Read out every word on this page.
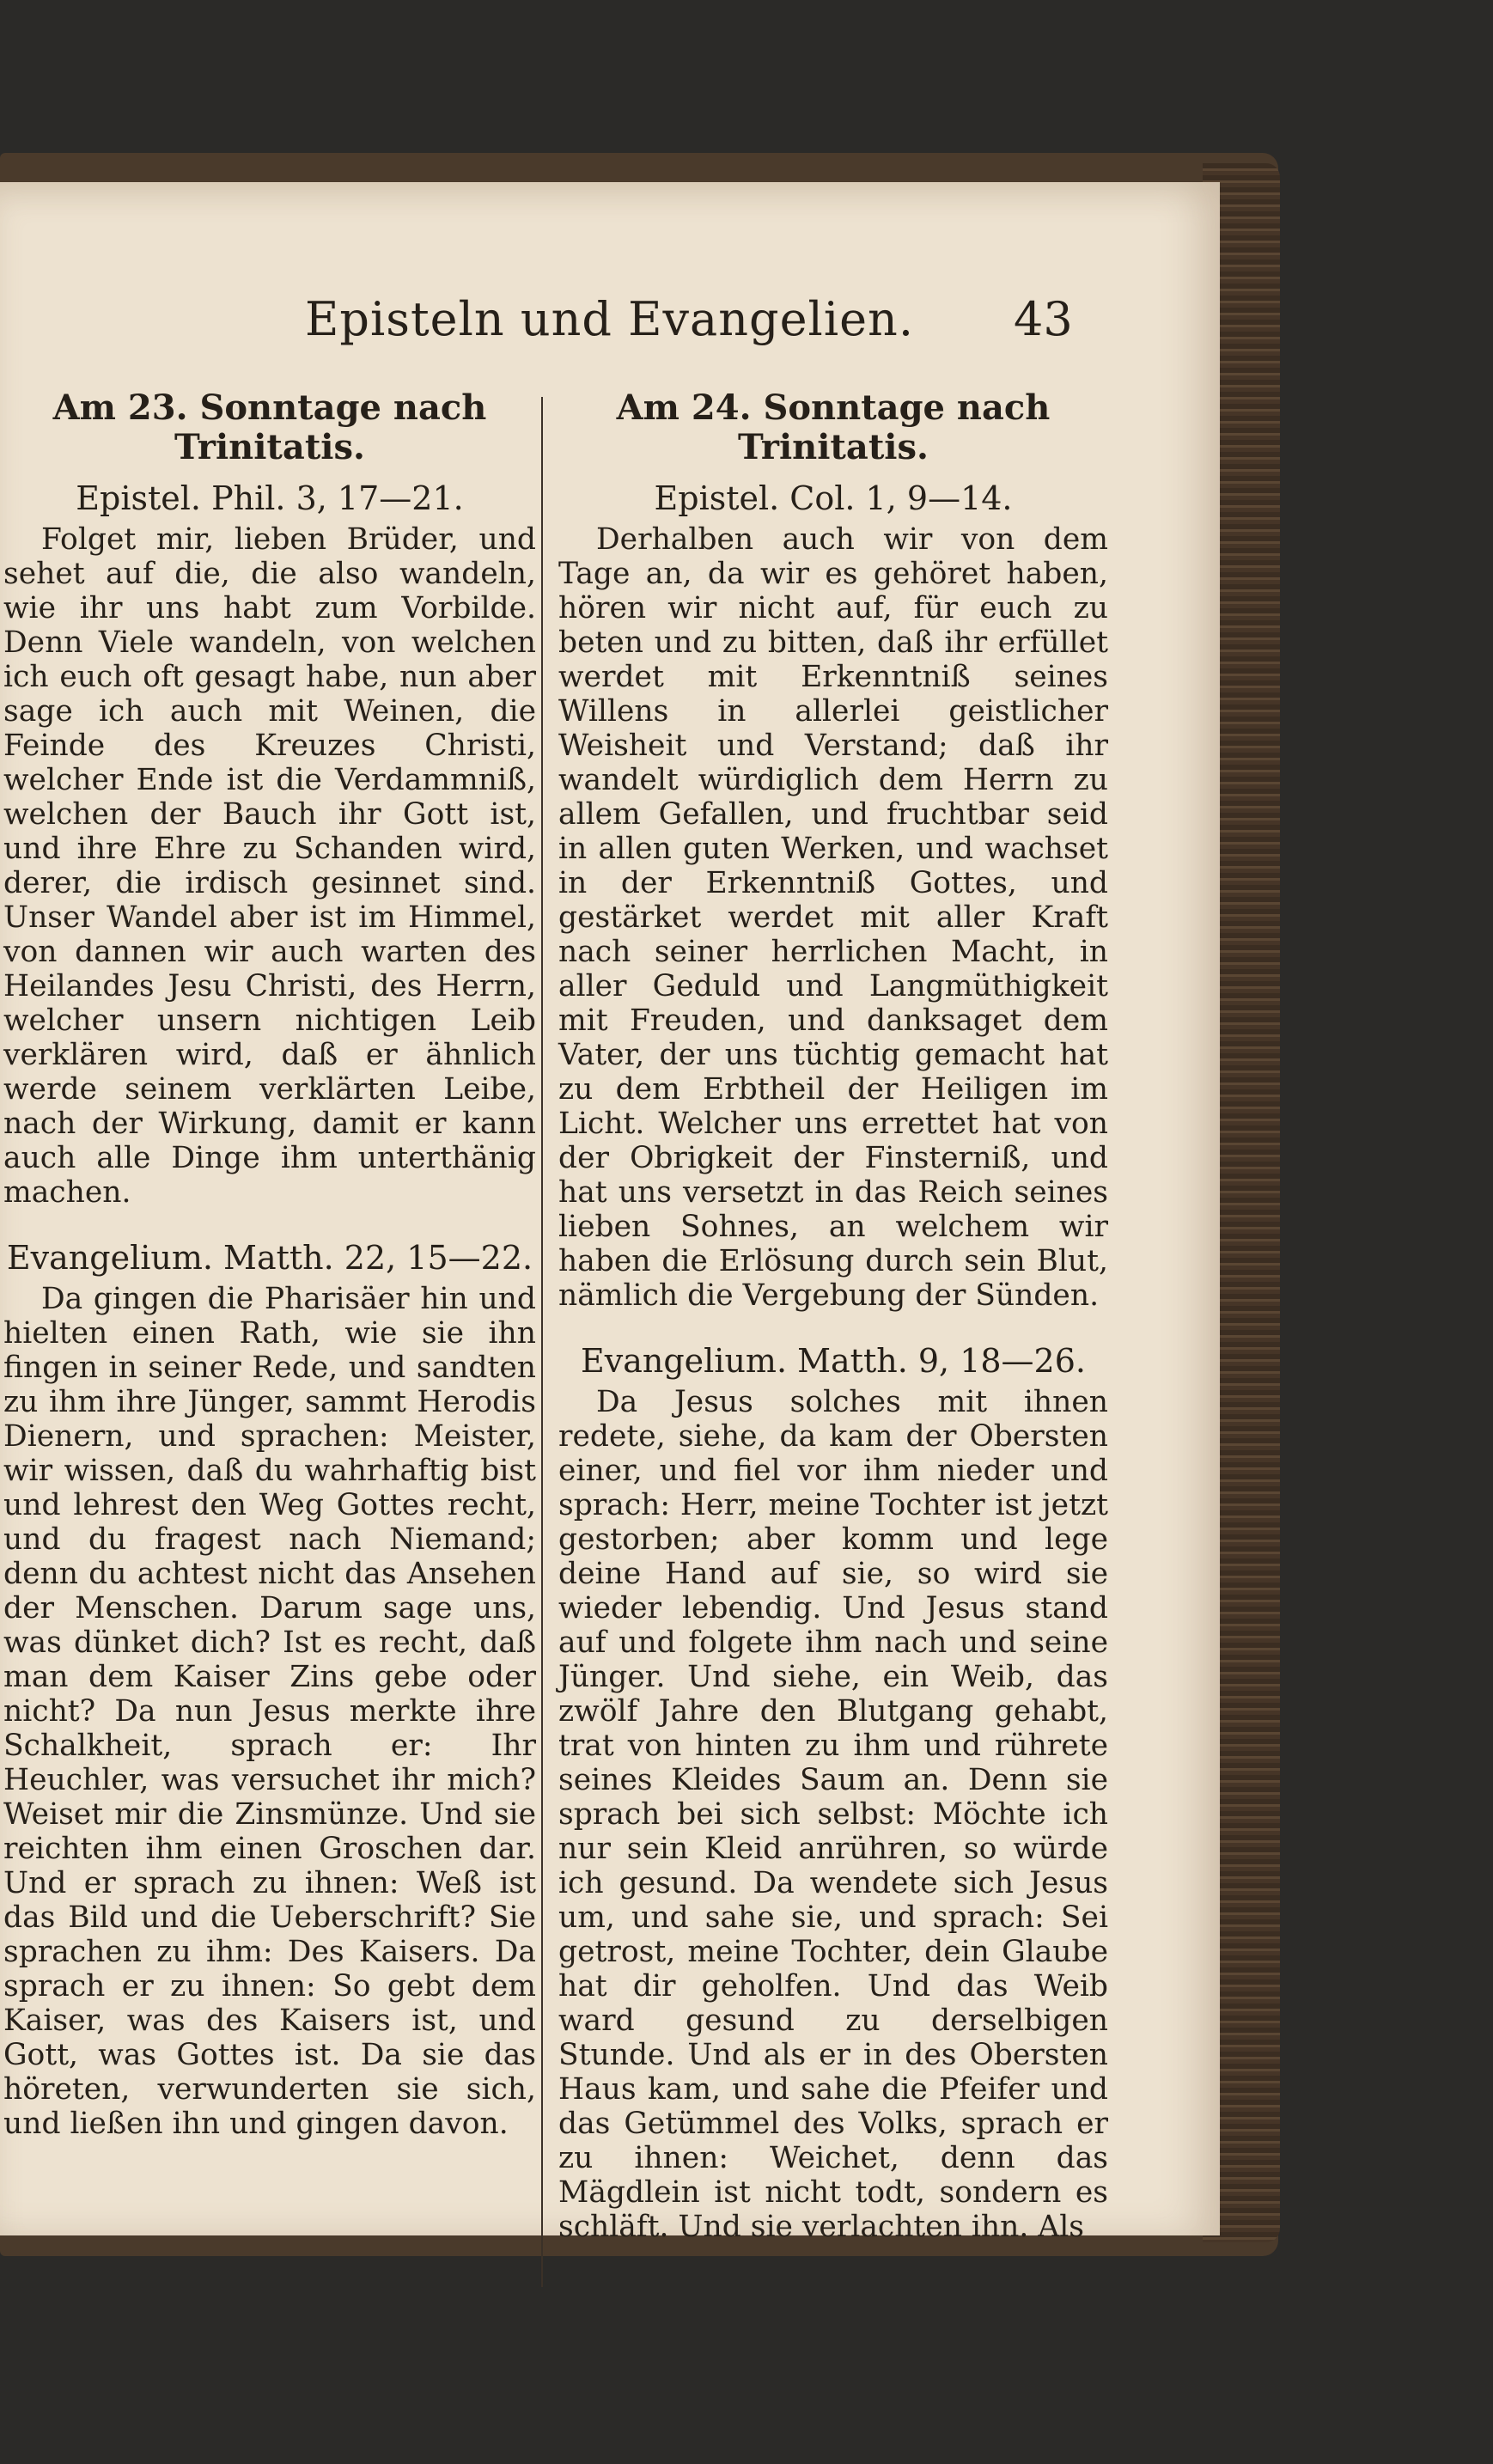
Episteln und Evangelien. 43
Am 23. Sonntage nach Trinitatis.
Epistel. Phil. 3, 17—21.

Folget mir, lieben Brüder, und sehet auf die, die also wandeln, wie ihr uns habt zum Vorbilde. Denn Viele wandeln, von welchen ich euch oft gesagt habe, nun aber sage ich auch mit Weinen, die Feinde des Kreuzes Christi, welcher Ende ist die Verdammniß, welchen der Bauch ihr Gott ist, und ihre Ehre zu Schanden wird, derer, die irdisch gesinnet sind. Unser Wandel aber ist im Himmel, von dannen wir auch warten des Heilandes Jesu Christi, des Herrn, welcher unsern nichtigen Leib verklären wird, daß er ähnlich werde seinem verklärten Leibe, nach der Wirkung, damit er kann auch alle Dinge ihm unterthänig machen.

Evangelium. Matth. 22, 15—22.

Da gingen die Pharisäer hin und hielten einen Rath, wie sie ihn fingen in seiner Rede, und sandten zu ihm ihre Jünger, sammt Herodis Dienern, und sprachen: Meister, wir wissen, daß du wahrhaftig bist und lehrest den Weg Gottes recht, und du fragest nach Niemand; denn du achtest nicht das Ansehen der Menschen. Darum sage uns, was dünket dich? Ist es recht, daß man dem Kaiser Zins gebe oder nicht? Da nun Jesus merkte ihre Schalkheit, sprach er: Ihr Heuchler, was versuchet ihr mich? Weiset mir die Zinsmünze. Und sie reichten ihm einen Groschen dar. Und er sprach zu ihnen: Weß ist das Bild und die Ueberschrift? Sie sprachen zu ihm: Des Kaisers. Da sprach er zu ihnen: So gebt dem Kaiser, was des Kaisers ist, und Gott, was Gottes ist. Da sie das höreten, verwunderten sie sich, und ließen ihn und gingen davon.

Am 24. Sonntage nach Trinitatis.
Epistel. Col. 1, 9—14.

Derhalben auch wir von dem Tage an, da wir es gehöret haben, hören wir nicht auf, für euch zu beten und zu bitten, daß ihr erfüllet werdet mit Erkenntniß seines Willens in allerlei geistlicher Weisheit und Verstand; daß ihr wandelt würdiglich dem Herrn zu allem Gefallen, und fruchtbar seid in allen guten Werken, und wachset in der Erkenntniß Gottes, und gestärket werdet mit aller Kraft nach seiner herrlichen Macht, in aller Geduld und Langmüthigkeit mit Freuden, und danksaget dem Vater, der uns tüchtig gemacht hat zu dem Erbtheil der Heiligen im Licht. Welcher uns errettet hat von der Obrigkeit der Finsterniß, und hat uns versetzt in das Reich seines lieben Sohnes, an welchem wir haben die Erlösung durch sein Blut, nämlich die Vergebung der Sünden.

Evangelium. Matth. 9, 18—26.

Da Jesus solches mit ihnen redete, siehe, da kam der Obersten einer, und fiel vor ihm nieder und sprach: Herr, meine Tochter ist jetzt gestorben; aber komm und lege deine Hand auf sie, so wird sie wieder lebendig. Und Jesus stand auf und folgete ihm nach und seine Jünger. Und siehe, ein Weib, das zwölf Jahre den Blutgang gehabt, trat von hinten zu ihm und rührete seines Kleides Saum an. Denn sie sprach bei sich selbst: Möchte ich nur sein Kleid anrühren, so würde ich gesund. Da wendete sich Jesus um, und sahe sie, und sprach: Sei getrost, meine Tochter, dein Glaube hat dir geholfen. Und das Weib ward gesund zu derselbigen Stunde. Und als er in des Obersten Haus kam, und sahe die Pfeifer und das Getümmel des Volks, sprach er zu ihnen: Weichet, denn das Mägdlein ist nicht todt, sondern es schläft. Und sie verlachten ihn. Als
